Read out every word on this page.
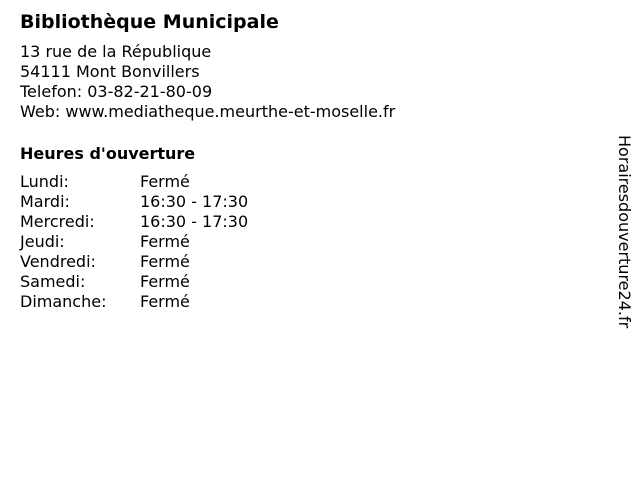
Bibliothèque Municipale
13 rue de la République
54111 Mont Bonvillers
Telefon: 03-82-21-80-09
Web: www.mediatheque.meurthe-et-moselle.fr
Heures d'ouverture
Lundi:	Fermé
Mardi:	16:30 - 17:30
Mercredi:	16:30 - 17:30
Jeudi:	Fermé
Vendredi:	Fermé
Samedi:	Fermé
Dimanche:	Fermé	Horairesdouverture24.fr
